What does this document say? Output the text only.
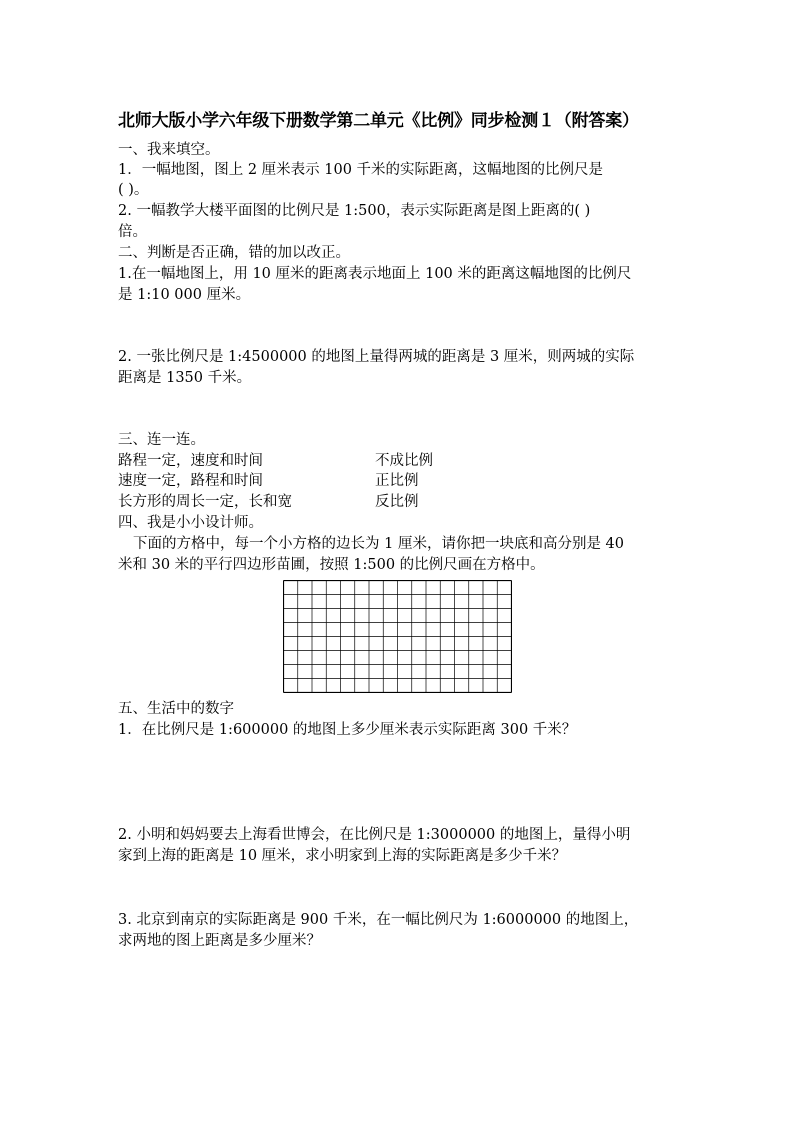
北师大版小学六年级下册数学第二单元《比例》同步检测１（附答案）
一、我来填空。
1．一幅地图，图上 2 厘米表示 100 千米的实际距离，这幅地图的比例尺是
( )。
2. 一幅教学大楼平面图的比例尺是 1:500，表示实际距离是图上距离的( )
倍。
二、判断是否正确，错的加以改正。
1.在一幅地图上，用 10 厘米的距离表示地面上 100 米的距离这幅地图的比例尺
是 1:10 000 厘米。
2. 一张比例尺是 1:4500000 的地图上量得两城的距离是 3 厘米，则两城的实际
距离是 1350 千米。
三、连一连。
路程一定，速度和时间	不成比例
速度一定，路程和时间	正比例
长方形的周长一定，长和宽	反比例
四、我是小小设计师。
下面的方格中，每一个小方格的边长为 1 厘米，请你把一块底和高分别是 40
米和 30 米的平行四边形苗圃，按照 1:500 的比例尺画在方格中。
五、生活中的数字
1．在比例尺是 1:600000 的地图上多少厘米表示实际距离 300 千米？
2. 小明和妈妈要去上海看世博会，在比例尺是 1:3000000 的地图上，量得小明
家到上海的距离是 10 厘米，求小明家到上海的实际距离是多少千米？
3. 北京到南京的实际距离是 900 千米，在一幅比例尺为 1:6000000 的地图上，
求两地的图上距离是多少厘米？
